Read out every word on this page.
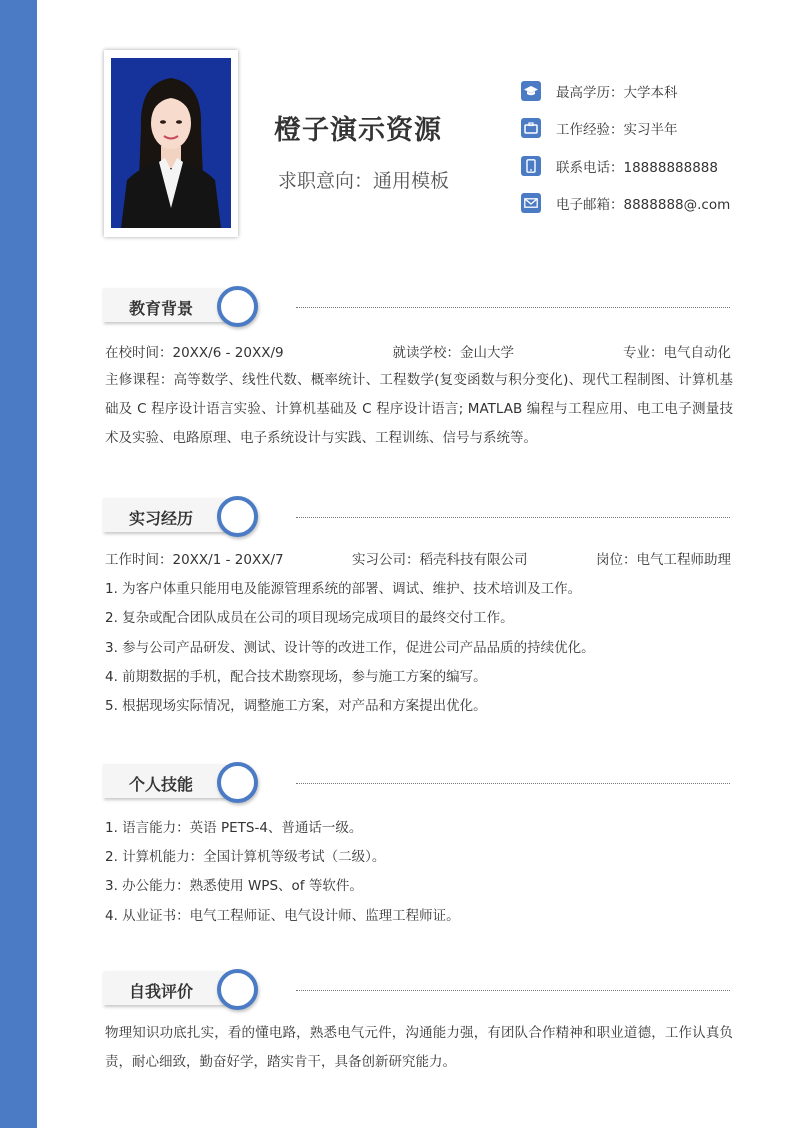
橙子演示资源
求职意向：通用模板
最高学历：大学本科
工作经验：实习半年
联系电话：18888888888
电子邮箱：8888888@.com
教育背景
在校时间：20XX/6 - 20XX/9	就读学校：金山大学	专业：电气自动化
主修课程：高等数学、线性代数、概率统计、工程数学(复变函数与积分变化)、现代工程制图、计算机基础及 C 程序设计语言实验、计算机基础及 C 程序设计语言; MATLAB 编程与工程应用、电工电子测量技术及实验、电路原理、电子系统设计与实践、工程训练、信号与系统等。
实习经历
工作时间：20XX/1 - 20XX/7	实习公司：稻壳科技有限公司	岗位：电气工程师助理
1. 为客户体重只能用电及能源管理系统的部署、调试、维护、技术培训及工作。
2. 复杂或配合团队成员在公司的项目现场完成项目的最终交付工作。
3. 参与公司产品研发、测试、设计等的改进工作，促进公司产品品质的持续优化。
4. 前期数据的手机，配合技术勘察现场，参与施工方案的编写。
5. 根据现场实际情况，调整施工方案，对产品和方案提出优化。
个人技能
1. 语言能力：英语 PETS-4、普通话一级。
2. 计算机能力：全国计算机等级考试（二级）。
3. 办公能力：熟悉使用 WPS、of 等软件。
4. 从业证书：电气工程师证、电气设计师、监理工程师证。
自我评价
物理知识功底扎实，看的懂电路，熟悉电气元件，沟通能力强，有团队合作精神和职业道德，工作认真负责，耐心细致，勤奋好学，踏实肯干，具备创新研究能力。
